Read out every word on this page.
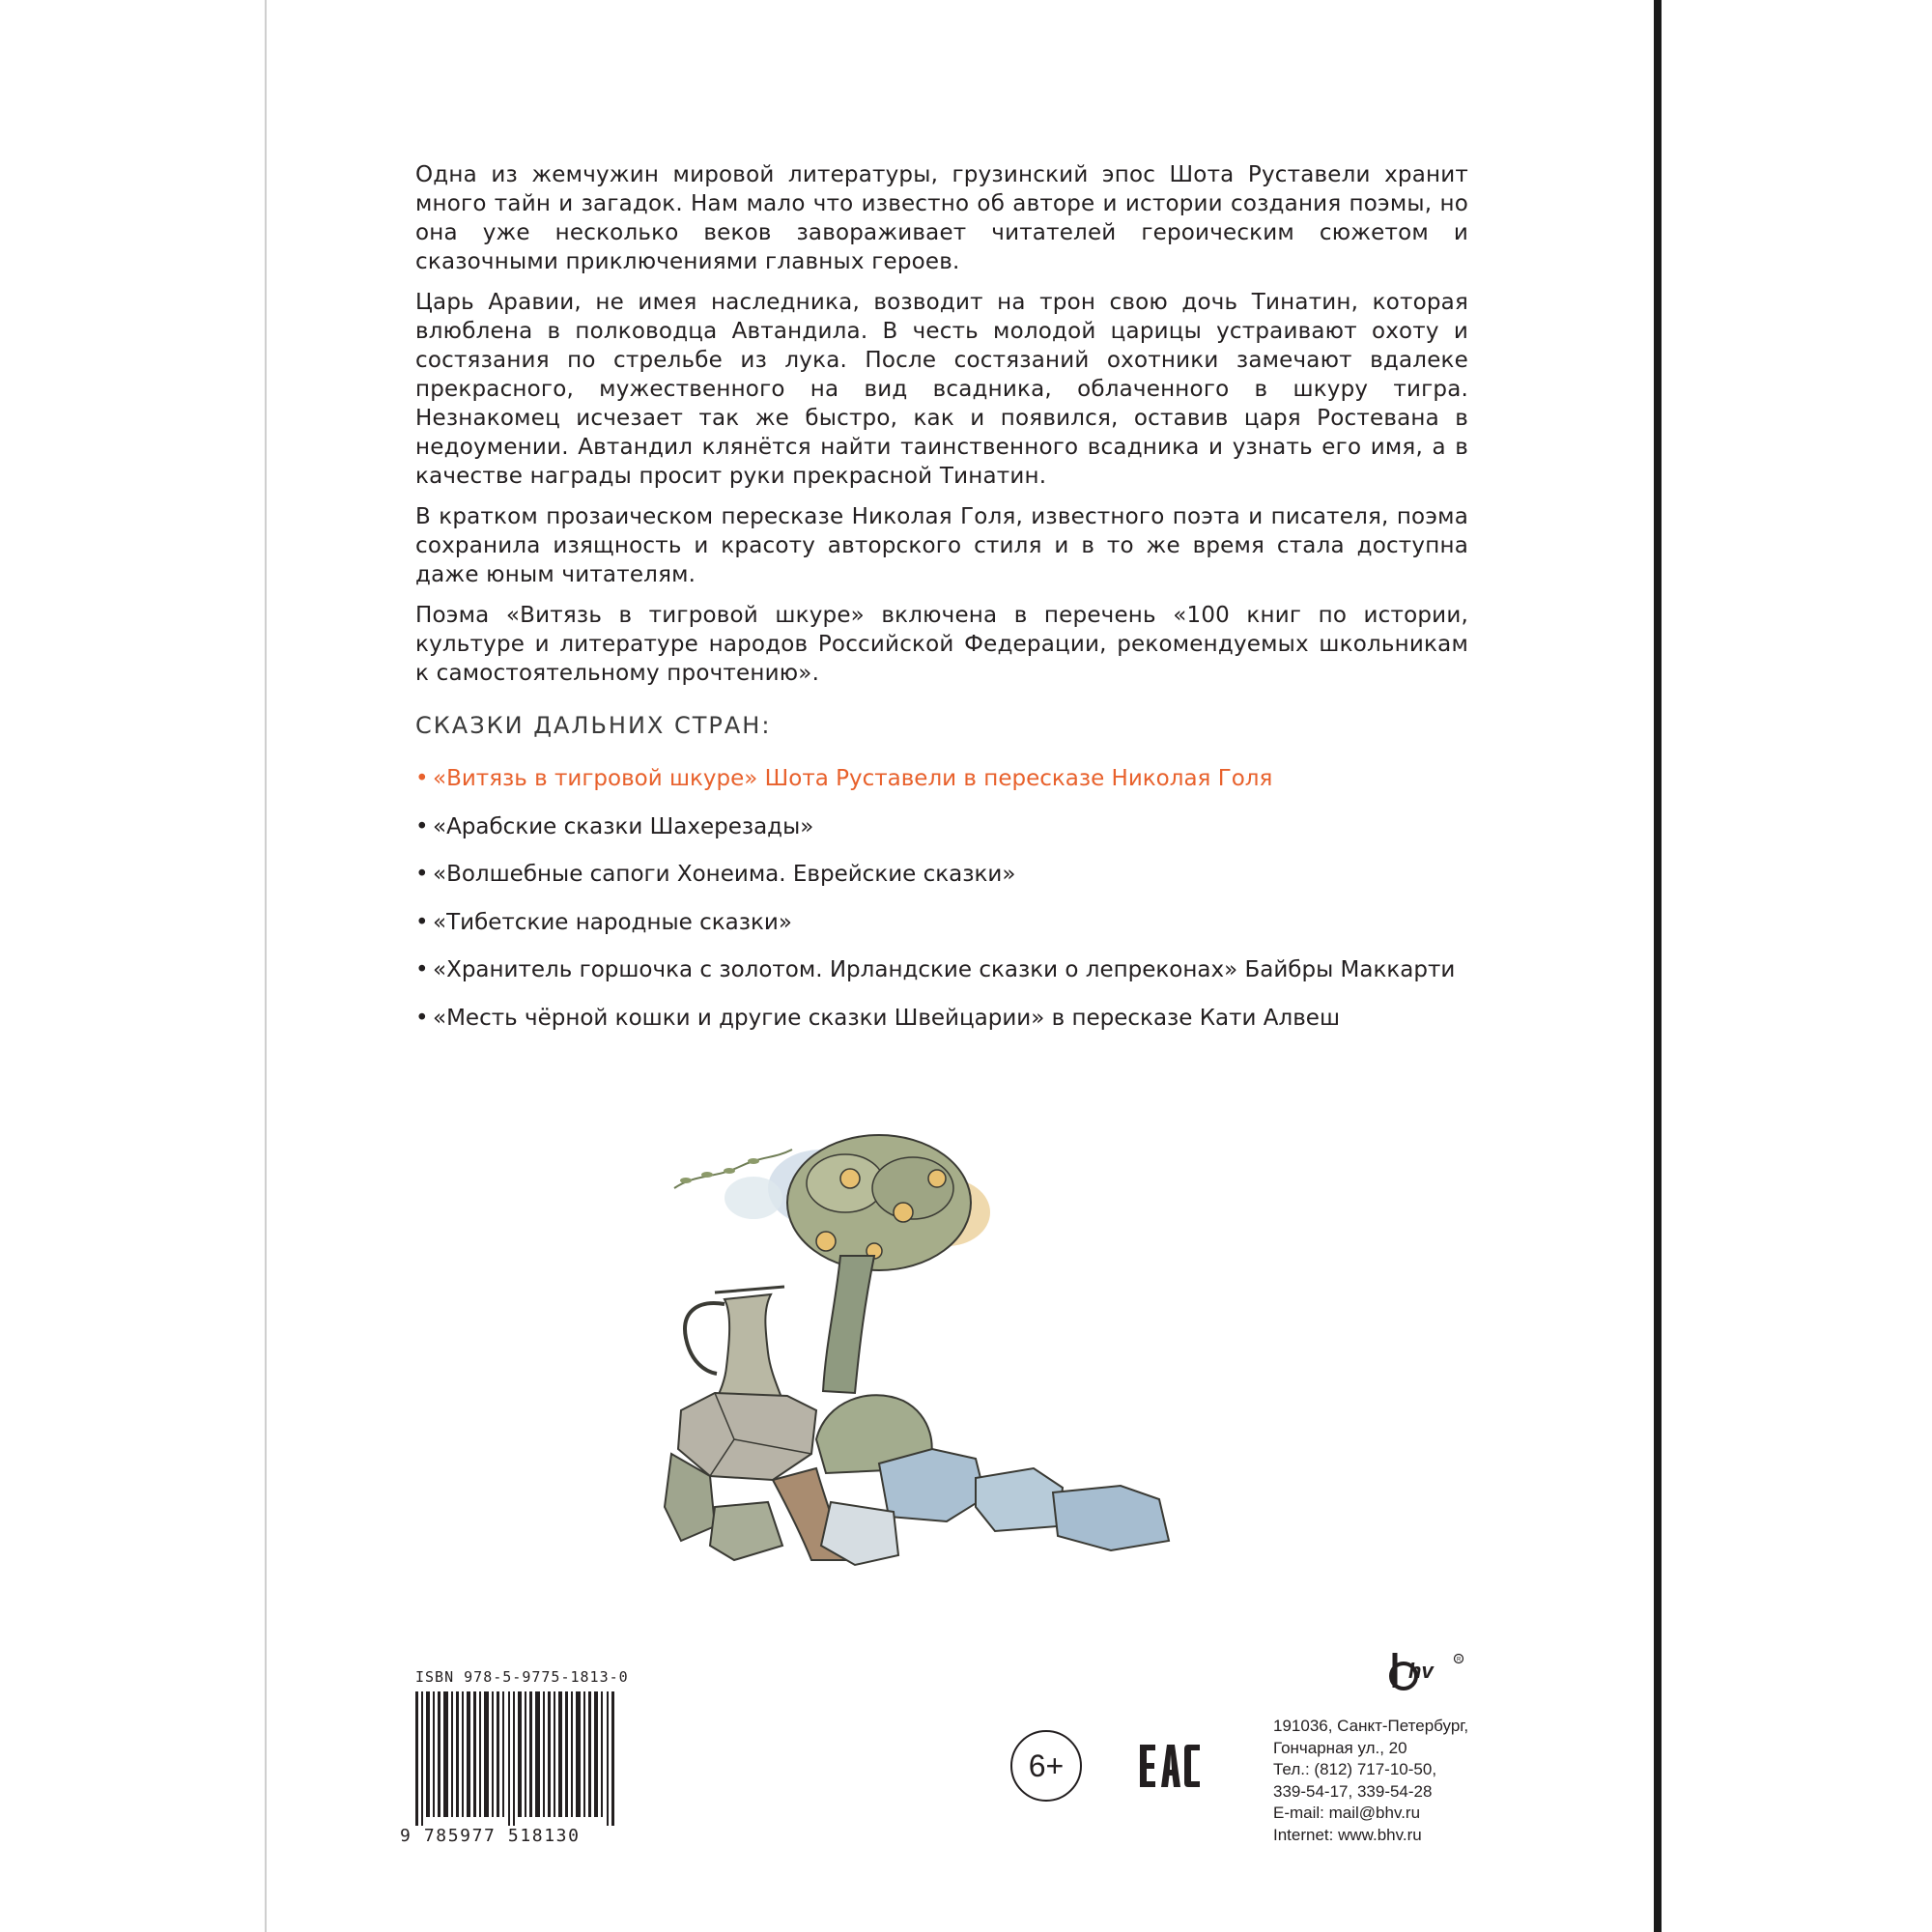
Одна из жемчужин мировой литературы, грузинский эпос Шота Руставели хранит много тайн и загадок. Нам мало что известно об авторе и истории создания поэмы, но она уже несколько веков завораживает читателей героическим сюжетом и сказочными приключениями главных героев.

Царь Аравии, не имея наследника, возводит на трон свою дочь Тинатин, которая влюблена в полководца Автандила. В честь молодой царицы устраивают охоту и состязания по стрельбе из лука. После состязаний охотники замечают вдалеке прекрасного, мужественного на вид всадника, облаченного в шкуру тигра. Незнакомец исчезает так же быстро, как и появился, оставив царя Ростевана в недоумении. Автандил клянётся найти таинственного всадника и узнать его имя, а в качестве награды просит руки прекрасной Тинатин.

В кратком прозаическом пересказе Николая Голя, известного поэта и писателя, поэма сохранила изящность и красоту авторского стиля и в то же время стала доступна даже юным читателям.

Поэма «Витязь в тигровой шкуре» включена в перечень «100 книг по истории, культуре и литературе народов Российской Федерации, рекомендуемых школьникам к самостоятельному прочтению».

СКАЗКИ ДАЛЬНИХ СТРАН:
• «Витязь в тигровой шкуре» Шота Руставели в пересказе Николая Голя
• «Арабские сказки Шахерезады»
• «Волшебные сапоги Хонеима. Еврейские сказки»
• «Тибетские народные сказки»
• «Хранитель горшочка с золотом. Ирландские сказки о лепреконах» Байбры Маккарти
• «Месть чёрной кошки и другие сказки Швейцарии» в пересказе Кати Алвеш
ISBN 978-5-9775-1813-0
9 785977 518130
6+
hv	R
191036, Санкт-Петербург,
Гончарная ул., 20
Тел.: (812) 717-10-50,
339-54-17, 339-54-28
E-mail: mail@bhv.ru
Internet: www.bhv.ru
